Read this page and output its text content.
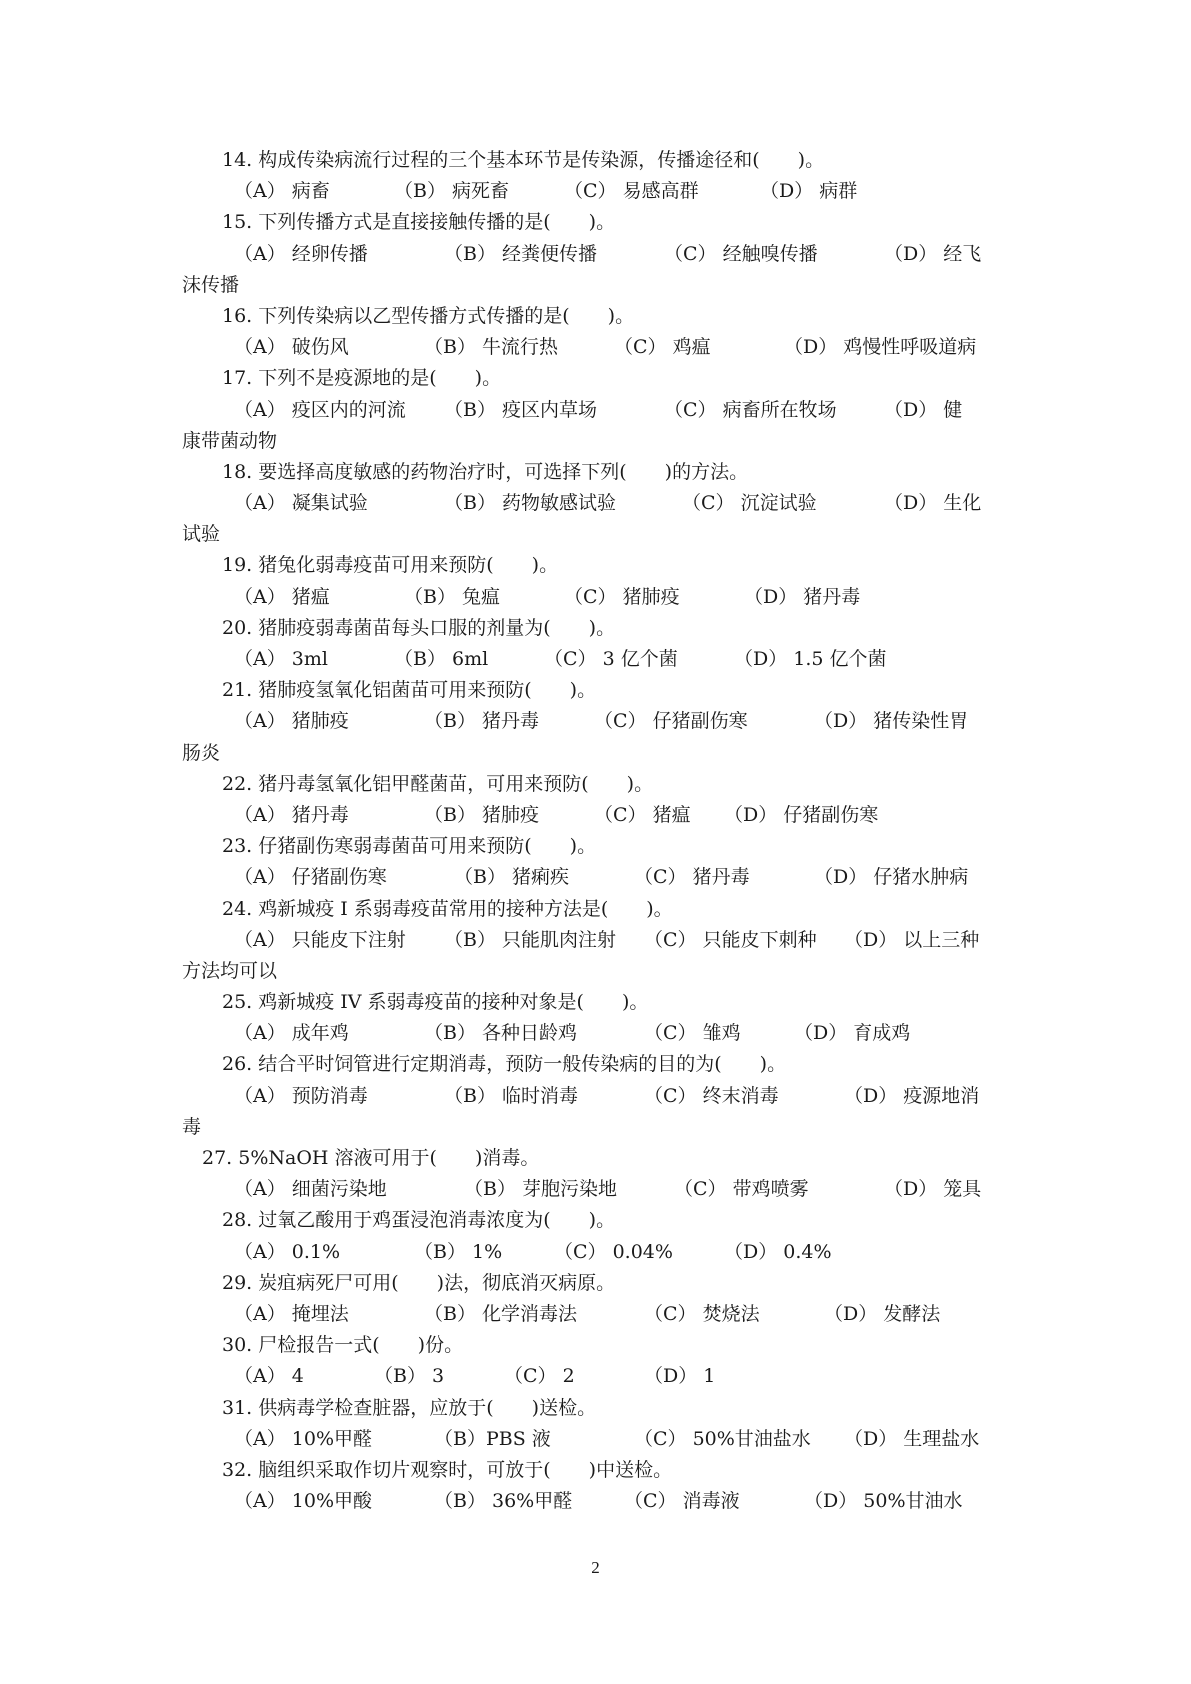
14. 构成传染病流行过程的三个基本环节是传染源，传播途径和(　　)。
（A） 病畜	（B） 病死畜	（C） 易感高群	（D） 病群
15. 下列传播方式是直接接触传播的是(　　)。
（A） 经卵传播	（B） 经粪便传播	（C） 经触嗅传播	（D） 经飞
沫传播
16. 下列传染病以乙型传播方式传播的是(　　)。
（A） 破伤风	（B） 牛流行热	（C） 鸡瘟	（D） 鸡慢性呼吸道病
17. 下列不是疫源地的是(　　)。
（A） 疫区内的河流 （B） 疫区内草场	（C） 病畜所在牧场 （D） 健
康带菌动物
18. 要选择高度敏感的药物治疗时，可选择下列(　　)的方法。
（A） 凝集试验	（B） 药物敏感试验	（C） 沉淀试验	（D） 生化
试验
19. 猪兔化弱毒疫苗可用来预防(　　)。
（A） 猪瘟	（B） 兔瘟	（C） 猪肺疫	（D） 猪丹毒
20. 猪肺疫弱毒菌苗每头口服的剂量为(　　)。
（A） 3ml	（B） 6ml	（C） 3 亿个菌	（D） 1.5 亿个菌
21. 猪肺疫氢氧化铝菌苗可用来预防(　　)。
（A） 猪肺疫	（B） 猪丹毒	（C） 仔猪副伤寒	（D） 猪传染性胃
肠炎
22. 猪丹毒氢氧化铝甲醛菌苗，可用来预防(　　)。
（A） 猪丹毒	（B） 猪肺疫	（C） 猪瘟 （D） 仔猪副伤寒
23. 仔猪副伤寒弱毒菌苗可用来预防(　　)。
（A） 仔猪副伤寒	（B） 猪痢疾	（C） 猪丹毒	（D） 仔猪水肿病
24. 鸡新城疫 I 系弱毒疫苗常用的接种方法是(　　)。
（A） 只能皮下注射 （B） 只能肌肉注射 （C） 只能皮下刺种 （D） 以上三种
方法均可以
25. 鸡新城疫 IV 系弱毒疫苗的接种对象是(　　)。
（A） 成年鸡	（B） 各种日龄鸡	（C） 雏鸡	（D） 育成鸡
26. 结合平时饲管进行定期消毒，预防一般传染病的目的为(　　)。
（A） 预防消毒	（B） 临时消毒	（C） 终末消毒	（D） 疫源地消
毒
27. 5%NaOH 溶液可用于(　　)消毒。
（A） 细菌污染地	（B） 芽胞污染地	（C） 带鸡喷雾	（D） 笼具
28. 过氧乙酸用于鸡蛋浸泡消毒浓度为(　　)。
（A） 0.1%	（B） 1%	（C） 0.04%	（D） 0.4%
29. 炭疽病死尸可用(　　)法，彻底消灭病原。
（A） 掩埋法	（B） 化学消毒法	（C） 焚烧法	（D） 发酵法
30. 尸检报告一式(　　)份。
（A） 4	（B） 3	（C） 2	（D） 1
31. 供病毒学检查脏器，应放于(　　)送检。
（A） 10%甲醛	（B）PBS 液	（C） 50%甘油盐水 （D） 生理盐水
32. 脑组织采取作切片观察时，可放于(　　)中送检。
（A） 10%甲酸	（B） 36%甲醛	（C） 消毒液	（D） 50%甘油水
2
